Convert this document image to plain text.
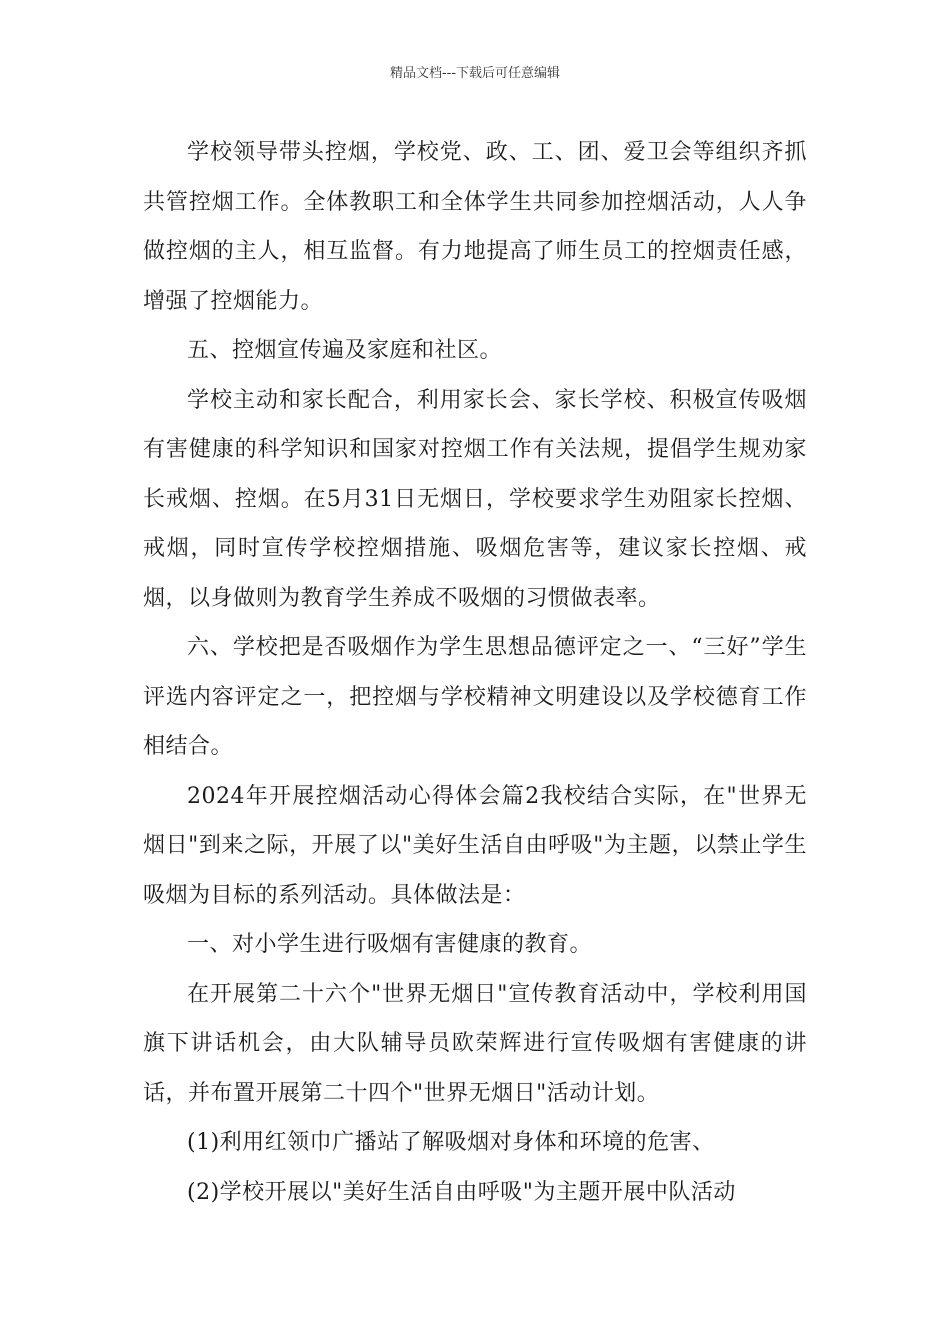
精品文档---下载后可任意编辑

学校领导带头控烟，学校党、政、工、团、爱卫会等组织齐抓共管控烟工作。全体教职工和全体学生共同参加控烟活动，人人争做控烟的主人，相互监督。有力地提高了师生员工的控烟责任感，增强了控烟能力。

五、控烟宣传遍及家庭和社区。

学校主动和家长配合，利用家长会、家长学校、积极宣传吸烟有害健康的科学知识和国家对控烟工作有关法规，提倡学生规劝家长戒烟、控烟。在5月31日无烟日，学校要求学生劝阻家长控烟、戒烟，同时宣传学校控烟措施、吸烟危害等，建议家长控烟、戒烟，以身做则为教育学生养成不吸烟的习惯做表率。

六、学校把是否吸烟作为学生思想品德评定之一、“三好”学生评选内容评定之一，把控烟与学校精神文明建设以及学校德育工作相结合。

2024年开展控烟活动心得体会篇2我校结合实际，在"世界无烟日"到来之际，开展了以"美好生活自由呼吸"为主题，以禁止学生吸烟为目标的系列活动。具体做法是：

一、对小学生进行吸烟有害健康的教育。

在开展第二十六个"世界无烟日"宣传教育活动中，学校利用国旗下讲话机会，由大队辅导员欧荣辉进行宣传吸烟有害健康的讲话，并布置开展第二十四个"世界无烟日"活动计划。

(1)利用红领巾广播站了解吸烟对身体和环境的危害、

(2)学校开展以"美好生活自由呼吸"为主题开展中队活动
